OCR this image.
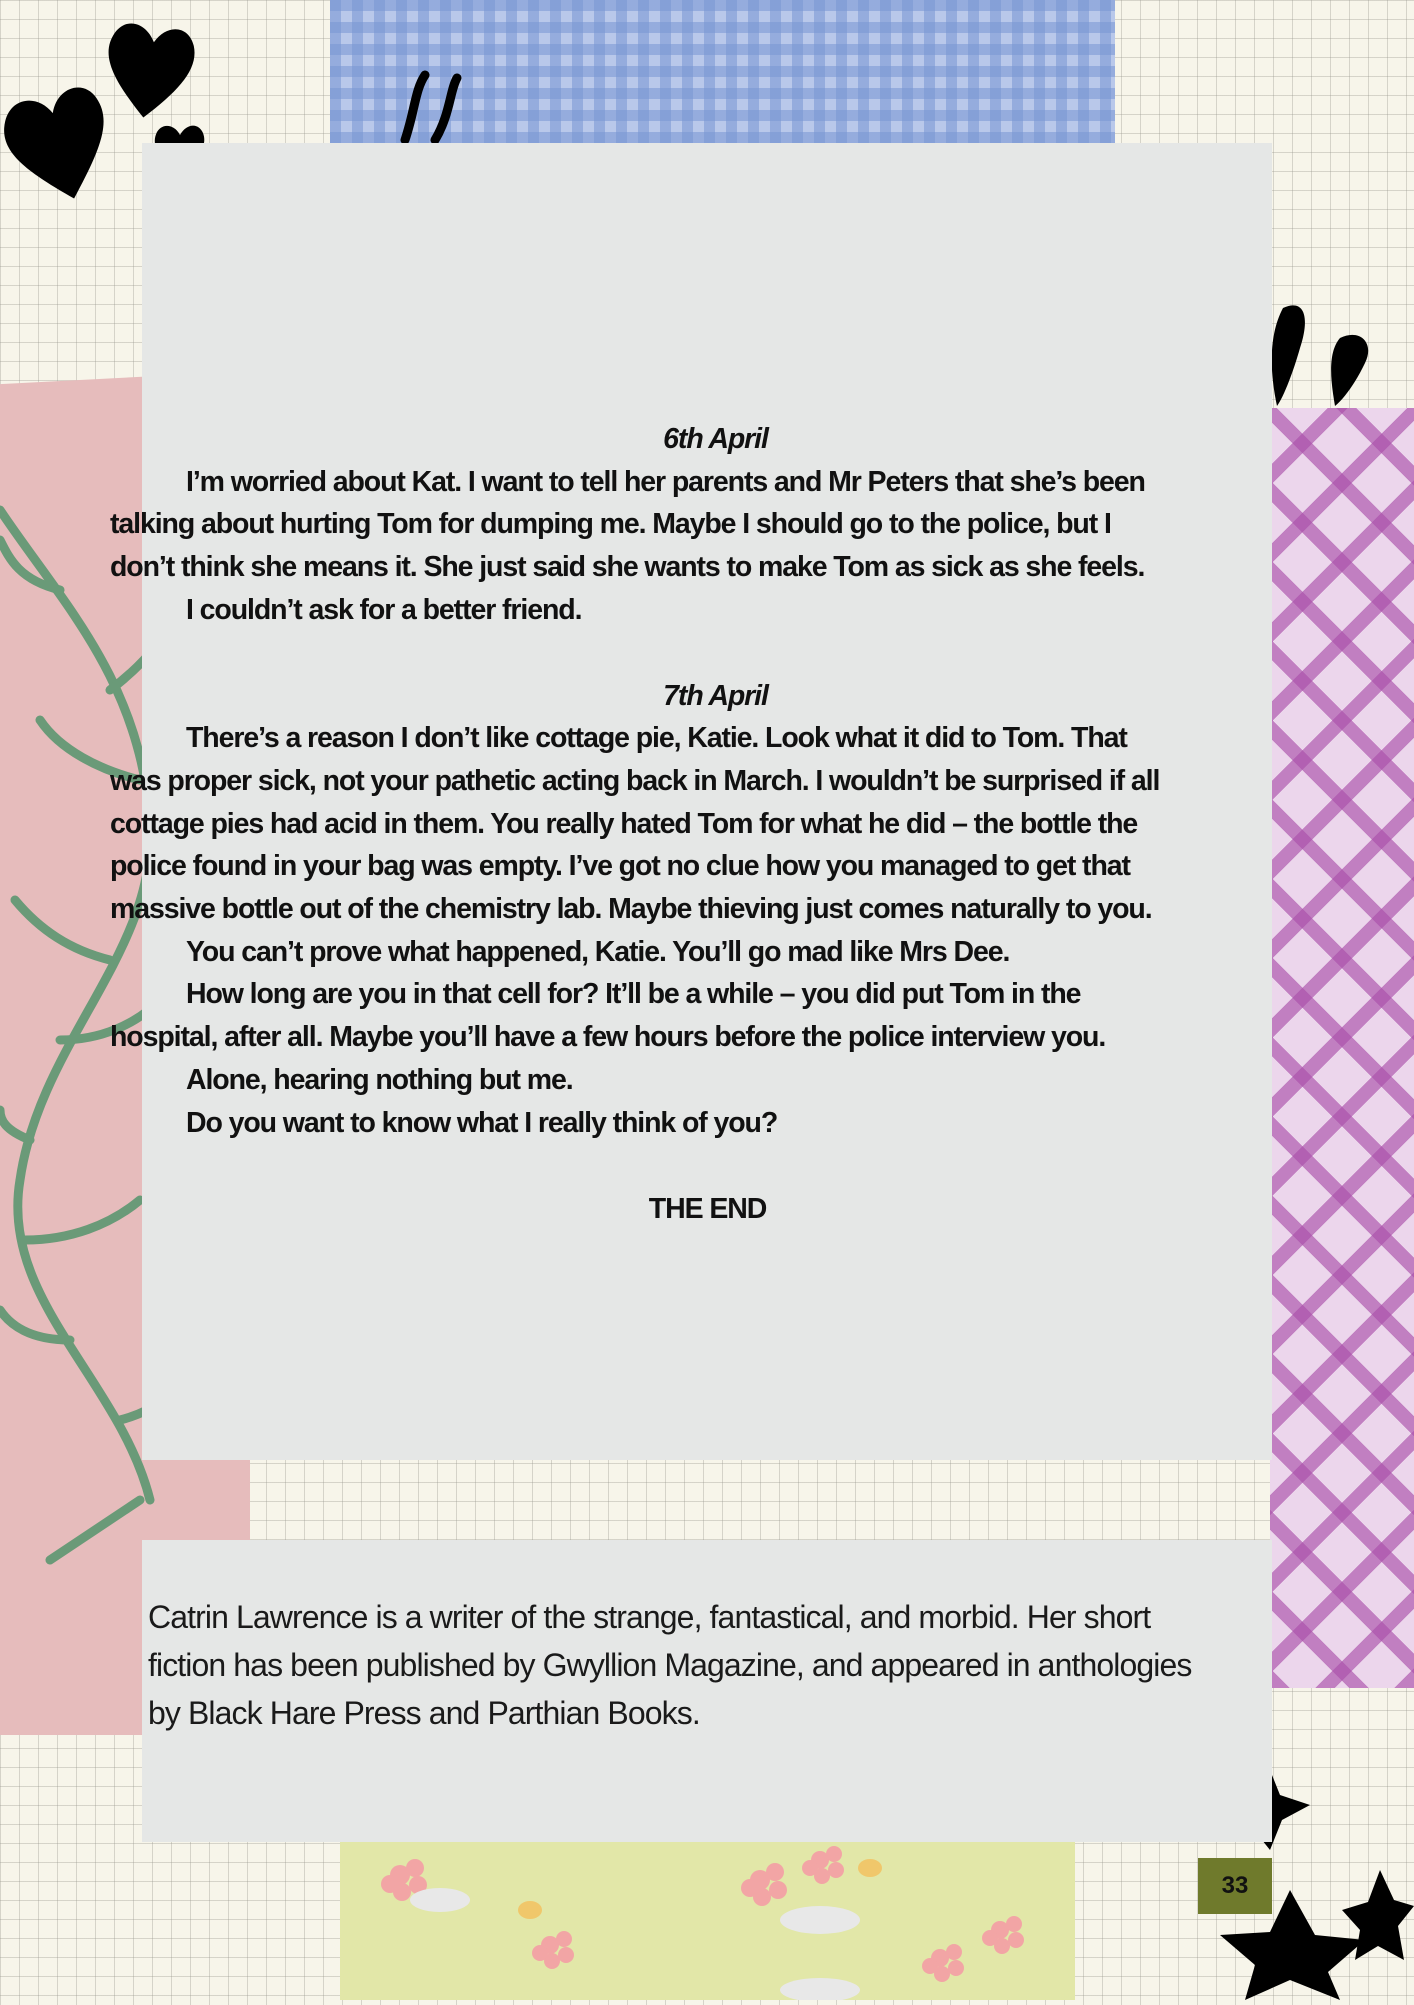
6th April

I’m worried about Kat. I want to tell her parents and Mr Peters that she’s been
talking about hurting Tom for dumping me. Maybe I should go to the police, but I
don’t think she means it. She just said she wants to make Tom as sick as she feels.

I couldn’t ask for a better friend.

7th April

There’s a reason I don’t like cottage pie, Katie. Look what it did to Tom. That
was proper sick, not your pathetic acting back in March. I wouldn’t be surprised if all
cottage pies had acid in them. You really hated Tom for what he did – the bottle the
police found in your bag was empty. I’ve got no clue how you managed to get that
massive bottle out of the chemistry lab. Maybe thieving just comes naturally to you.

You can’t prove what happened, Katie. You’ll go mad like Mrs Dee.

How long are you in that cell for? It’ll be a while – you did put Tom in the
hospital, after all. Maybe you’ll have a few hours before the police interview you.

Alone, hearing nothing but me.

Do you want to know what I really think of you?

THE END
Catrin Lawrence is a writer of the strange, fantastical, and morbid. Her short
fiction has been published by Gwyllion Magazine, and appeared in anthologies
by Black Hare Press and Parthian Books.
33
